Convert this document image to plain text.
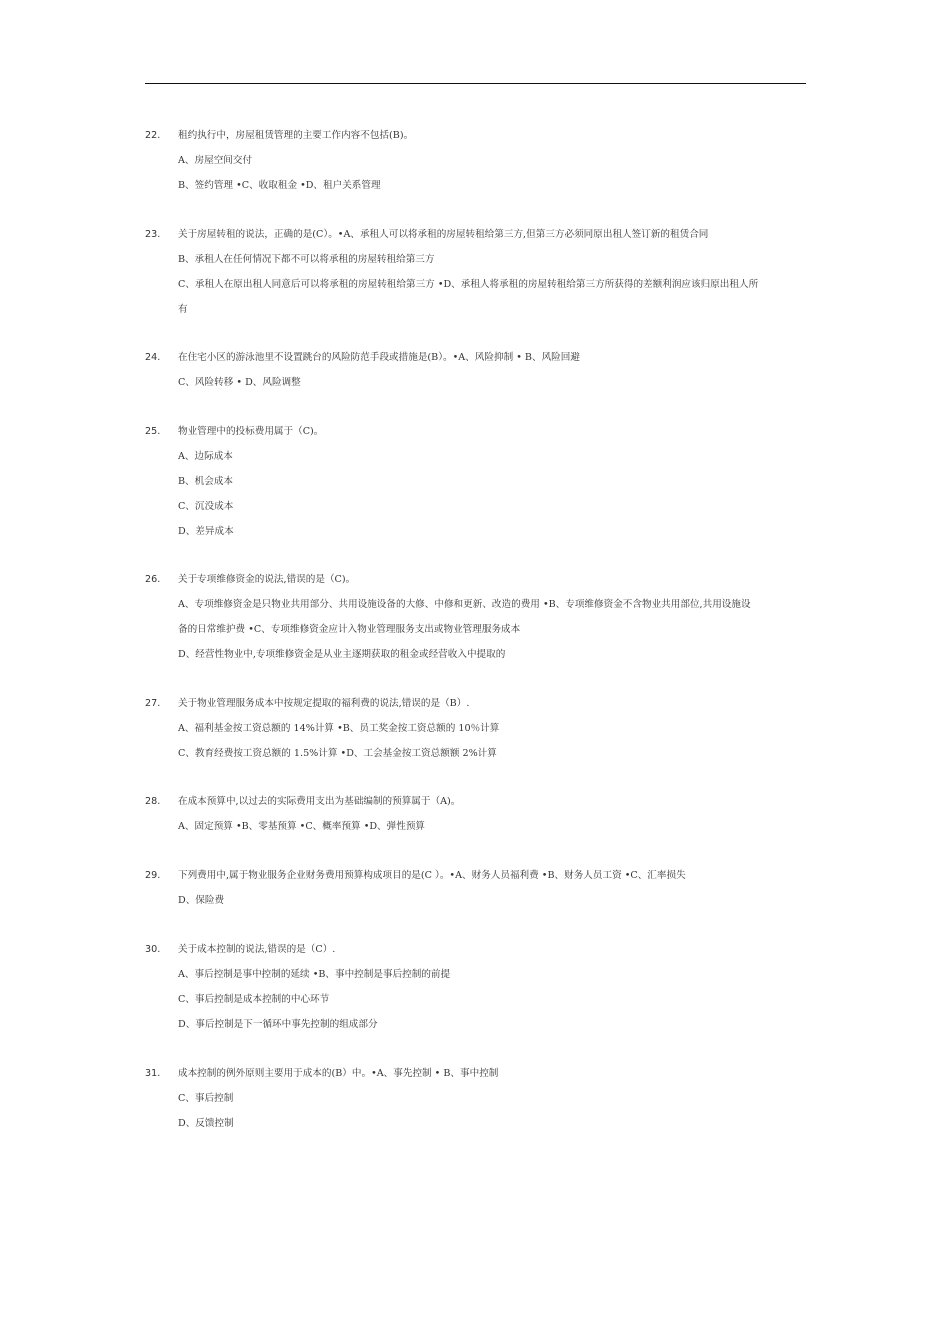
22.	租约执行中，房屋租赁管理的主要工作内容不包括(B)。
A、房屋空间交付
B、签约管理 •C、收取租金 •D、租户关系管理
23.	关于房屋转租的说法，正确的是(C）。•A、承租人可以将承租的房屋转租给第三方,但第三方必须同原出租人签订新的租赁合同
B、承租人在任何情况下都不可以将承租的房屋转租给第三方
C、承租人在原出租人同意后可以将承租的房屋转租给第三方 •D、承租人将承租的房屋转租给第三方所获得的差额利润应该归原出租人所
有
24.	在住宅小区的游泳池里不设置跳台的风险防范手段或措施是(B）。•A、风险抑制 • B、风险回避
C、风险转移 • D、风险调整
25.	物业管理中的投标费用属于（C)。
A、边际成本
B、机会成本
C、沉没成本
D、差异成本
26.	关于专项维修资金的说法,错误的是（C)。
A、专项维修资金是只物业共用部分、共用设施设备的大修、中修和更新、改造的费用 •B、专项维修资金不含物业共用部位,共用设施设
备的日常维护费 •C、专项维修资金应计入物业管理服务支出或物业管理服务成本
D、经营性物业中,专项维修资金是从业主逐期获取的租金或经营收入中提取的
27.	关于物业管理服务成本中按规定提取的福利费的说法,错误的是（B）.
A、福利基金按工资总额的 14%计算 •B、员工奖金按工资总额的 10％计算
C、教育经费按工资总额的 1.5%计算 •D、工会基金按工资总额额 2%计算
28.	在成本预算中,以过去的实际费用支出为基础编制的预算属于（A)。
A、固定预算 •B、零基预算 •C、概率预算 •D、弹性预算
29.	下列费用中,属于物业服务企业财务费用预算构成项目的是(C ）。•A、财务人员福利费 •B、财务人员工资 •C、汇率损失
D、保险费
30.	关于成本控制的说法,错误的是（C）.
A、事后控制是事中控制的延续 •B、事中控制是事后控制的前提
C、事后控制是成本控制的中心环节
D、事后控制是下一循环中事先控制的组成部分
31.	成本控制的例外原则主要用于成本的(B）中。•A、事先控制 • B、事中控制
C、事后控制
D、反馈控制
